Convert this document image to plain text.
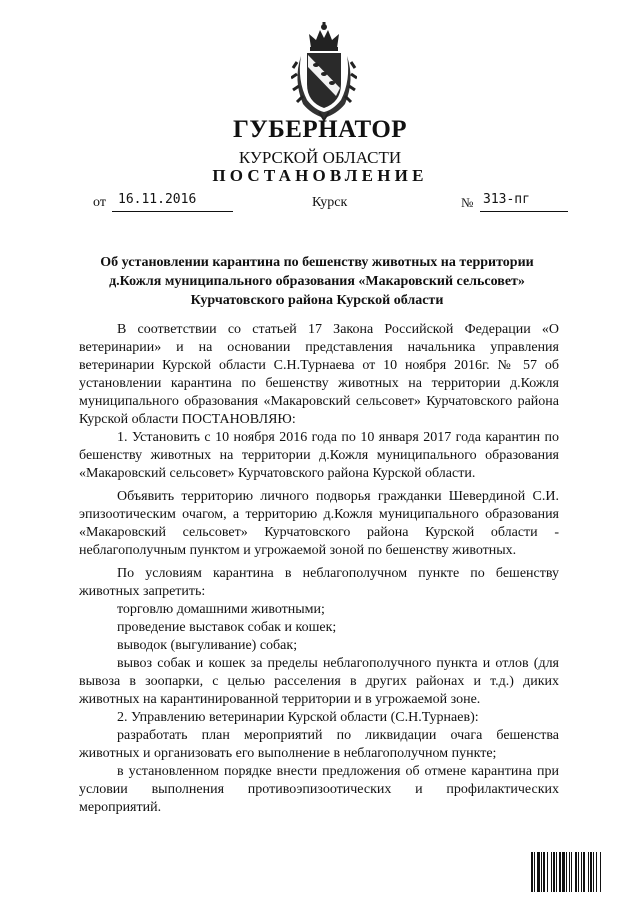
ГУБЕРНАТОР
КУРСКОЙ ОБЛАСТИ
ПОСТАНОВЛЕНИЕ
от 16.11.2016	Курск	№ 313-пг
Об установлении карантина по бешенству животных на территории д.Кожля муниципального образования «Макаровский сельсовет» Курчатовского района Курской области

В соответствии со статьей 17 Закона Российской Федерации «О ветеринарии» и на основании представления начальника управления ветеринарии Курской области С.Н.Турнаева от 10 ноября 2016г. № 57 об установлении карантина по бешенству животных на территории д.Кожля муниципального образования «Макаровский сельсовет» Курчатовского района Курской области ПОСТАНОВЛЯЮ:

1. Установить с 10 ноября 2016 года по 10 января 2017 года карантин по бешенству животных на территории д.Кожля муниципального образования «Макаровский сельсовет» Курчатовского района Курской области.

Объявить территорию личного подворья гражданки Шевердиной С.И. эпизоотическим очагом, а территорию д.Кожля муниципального образования «Макаровский сельсовет» Курчатовского района Курской области - неблагополучным пунктом и угрожаемой зоной по бешенству животных.

По условиям карантина в неблагополучном пункте по бешенству животных запретить:

торговлю домашними животными;

проведение выставок собак и кошек;

выводок (выгуливание) собак;

вывоз собак и кошек за пределы неблагополучного пункта и отлов (для вывоза в зоопарки, с целью расселения в других районах и т.д.) диких животных на карантинированной территории и в угрожаемой зоне.

2. Управлению ветеринарии Курской области (С.Н.Турнаев):

разработать план мероприятий по ликвидации очага бешенства животных и организовать его выполнение в неблагополучном пункте;

в установленном порядке внести предложения об отмене карантина при условии выполнения противоэпизоотических и профилактических мероприятий.
